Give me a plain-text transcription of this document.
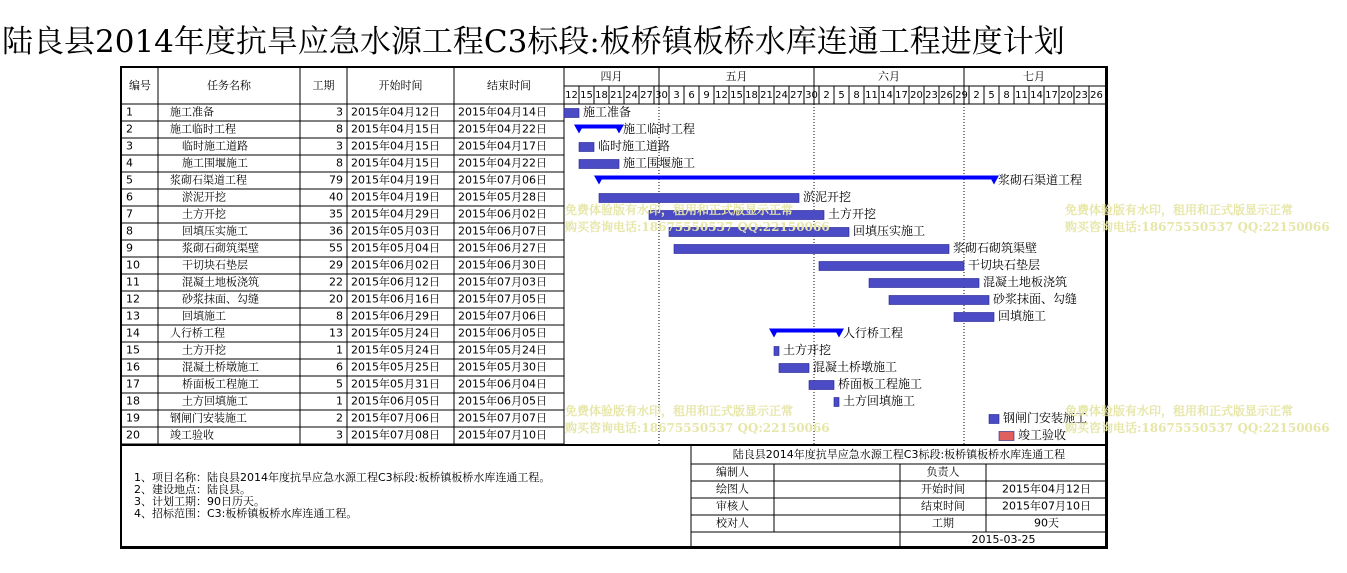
陆良县2014年度抗旱应急水源工程C3标段:板桥镇板桥水库连通工程进度计划
编号	任务名称	工期	开始时间	结束时间
四月	五月	六月	七月
12 15 18 21 24 27 30 3 6 9 12 15 18 21 24 27 30 2 5 8 11 14 17 20 23 26 29 2 5 8 11 14 17 20 23 26
1	施工准备	3 2015年04月12日 2015年04月14日	施工准备
2	施工临时工程	8 2015年04月15日 2015年04月22日	施工临时工程
3	临时施工道路	3 2015年04月15日 2015年04月17日	临时施工道路
4	施工围堰施工	8 2015年04月15日 2015年04月22日	施工围堰施工
5	浆砌石渠道工程	79 2015年04月19日 2015年07月06日	浆砌石渠道工程
6	淤泥开挖	40 2015年04月19日 2015年05月28日	淤泥开挖
7	土方开挖	35 2015年04月29日 2015年06月02日	土方开挖
8	回填压实施工	36 2015年05月03日 2015年06月07日	回填压实施工
9	浆砌石砌筑渠壁	55 2015年05月04日 2015年06月27日	浆砌石砌筑渠壁
10	干切块石垫层	29 2015年06月02日 2015年06月30日	干切块石垫层
11	混凝土地板浇筑	22 2015年06月12日 2015年07月03日	混凝土地板浇筑
12	砂浆抹面、勾缝	20 2015年06月16日 2015年07月05日	砂浆抹面、勾缝
13	回填施工	8 2015年06月29日 2015年07月06日	回填施工
14	人行桥工程	13 2015年05月24日 2015年06月05日	人行桥工程
15	土方开挖	1 2015年05月24日 2015年05月24日	土方开挖
16	混凝土桥墩施工	6 2015年05月25日 2015年05月30日	混凝土桥墩施工
17	桥面板工程施工	5 2015年05月31日 2015年06月04日	桥面板工程施工
18	土方回填施工	1 2015年06月05日 2015年06月05日	土方回填施工
19	钢闸门安装施工	2 2015年07月06日 2015年07月07日	钢闸门安装施工
20	竣工验收	3 2015年07月08日 2015年07月10日	竣工验收
1、项目名称：陆良县2014年度抗旱应急水源工程C3标段:板桥镇板桥水库连通工程。
2、建设地点：陆良县。
3、计划工期：90日历天。
4、招标范围：C3:板桥镇板桥水库连通工程。
陆良县2014年度抗旱应急水源工程C3标段:板桥镇板桥水库连通工程
编制人	负责人
绘图人	开始时间	2015年04月12日
审核人	结束时间	2015年07月10日
校对人	工期	90天
2015-03-25
免费体验版有水印，租用和正式版显示正常
购买咨询电话:18675550537 QQ:22150066
免费体验版有水印，租用和正式版显示正常
购买咨询电话:18675550537 QQ:22150066
免费体验版有水印，租用和正式版显示正常
购买咨询电话:18675550537 QQ:22150066
免费体验版有水印，租用和正式版显示正常
购买咨询电话:18675550537 QQ:22150066
